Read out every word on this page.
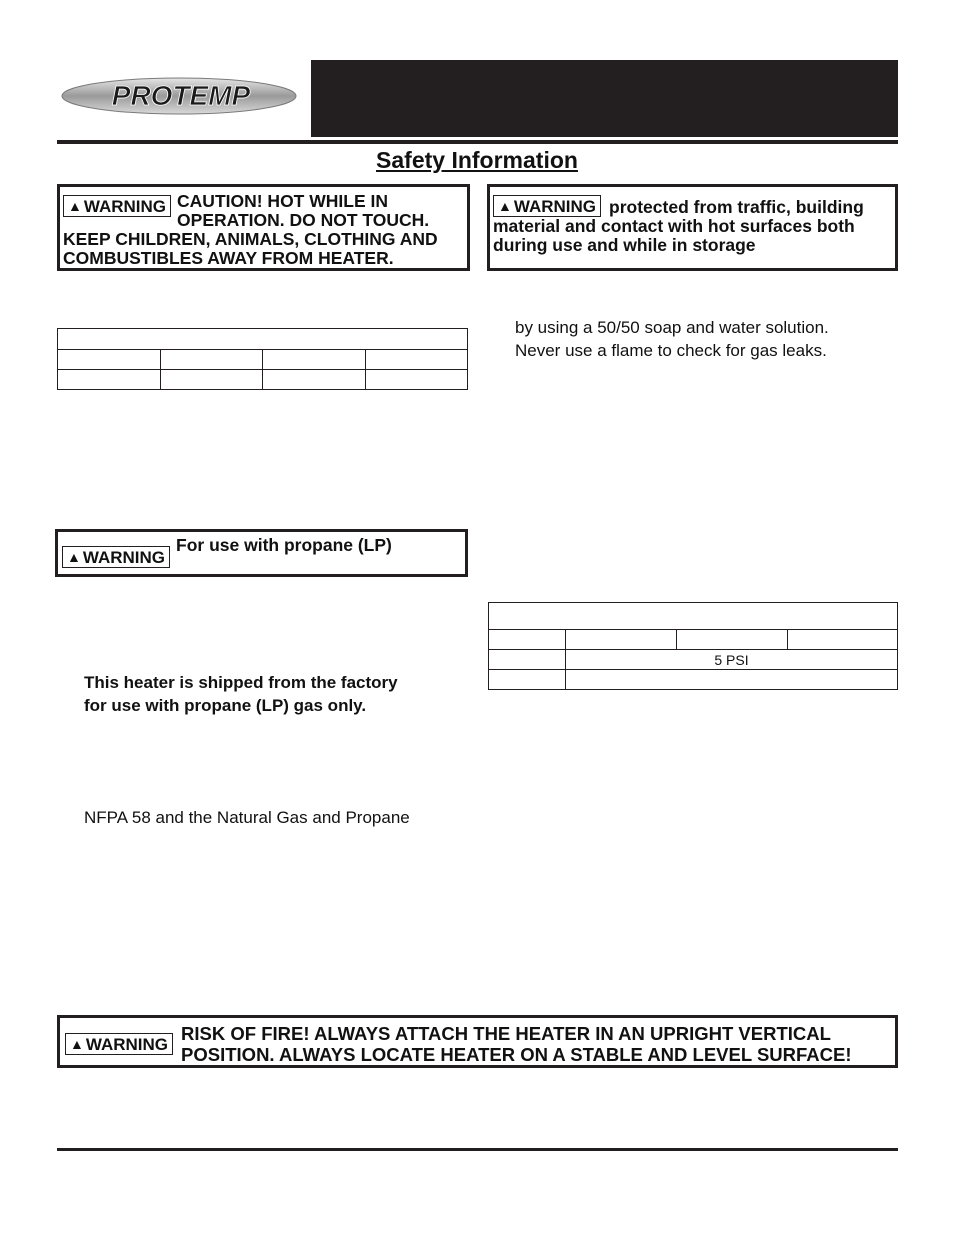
PROTEMP
Safety Information
▲ WARNING CAUTION! HOT WHILE IN
OPERATION. DO NOT TOUCH.
KEEP CHILDREN, ANIMALS, CLOTHING AND
COMBUSTIBLES AWAY FROM HEATER.
▲ WARNING protected from traffic, building
material and contact with hot surfaces both
during use and while in storage

by using a 50/50 soap and water solution.
Never use a flame to check for gas leaks.
▲ WARNING
For use with propane (LP)

	5 PSI		

This heater is shipped from the factory
for use with propane (LP) gas only.
NFPA 58 and the Natural Gas and Propane
▲ WARNING RISK OF FIRE! ALWAYS ATTACH THE HEATER IN AN UPRIGHT VERTICAL
POSITION. ALWAYS LOCATE HEATER ON A STABLE AND LEVEL SURFACE!
